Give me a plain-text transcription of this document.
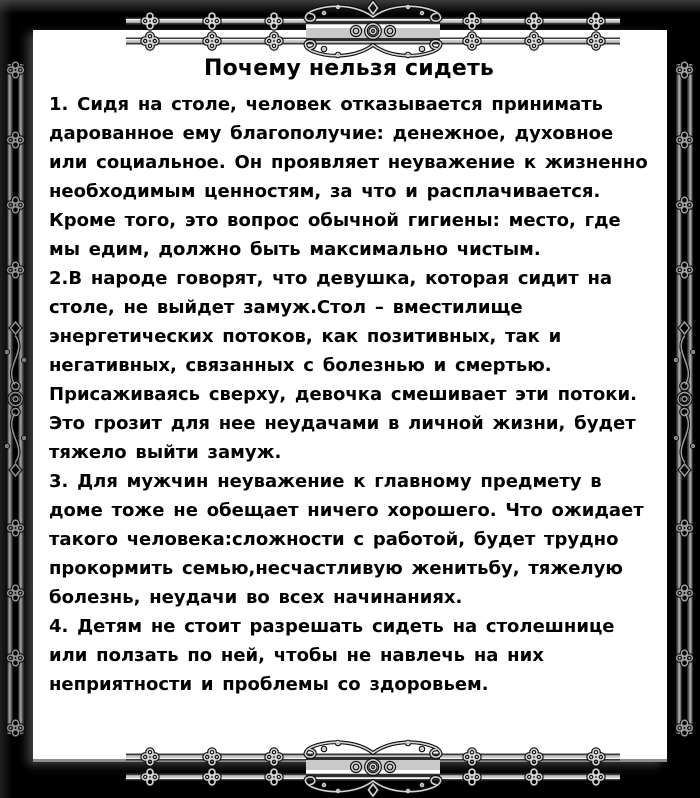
Почему нельзя сидеть

1. Сидя на столе, человек отказывается принимать дарованное ему благополучие: денежное, духовное или социальное. Он проявляет неуважение к жизненно необходимым ценностям, за что и расплачивается. Кроме того, это вопрос обычной гигиены: место, где мы едим, должно быть максимально чистым.

2.В народе говорят, что девушка, которая сидит на столе, не выйдет замуж.Стол – вместилище энергетических потоков, как позитивных, так и негативных, связанных с болезнью и смертью. Присаживаясь сверху, девочка смешивает эти потоки. Это грозит для нее неудачами в личной жизни, будет тяжело выйти замуж.

3. Для мужчин неуважение к главному предмету в доме тоже не обещает ничего хорошего. Что ожидает такого человека:сложности с работой, будет трудно прокормить семью,несчастливую женитьбу, тяжелую болезнь, неудачи во всех начинаниях.

4. Детям не стоит разрешать сидеть на столешнице или ползать по ней, чтобы не навлечь на них неприятности и проблемы со здоровьем.
